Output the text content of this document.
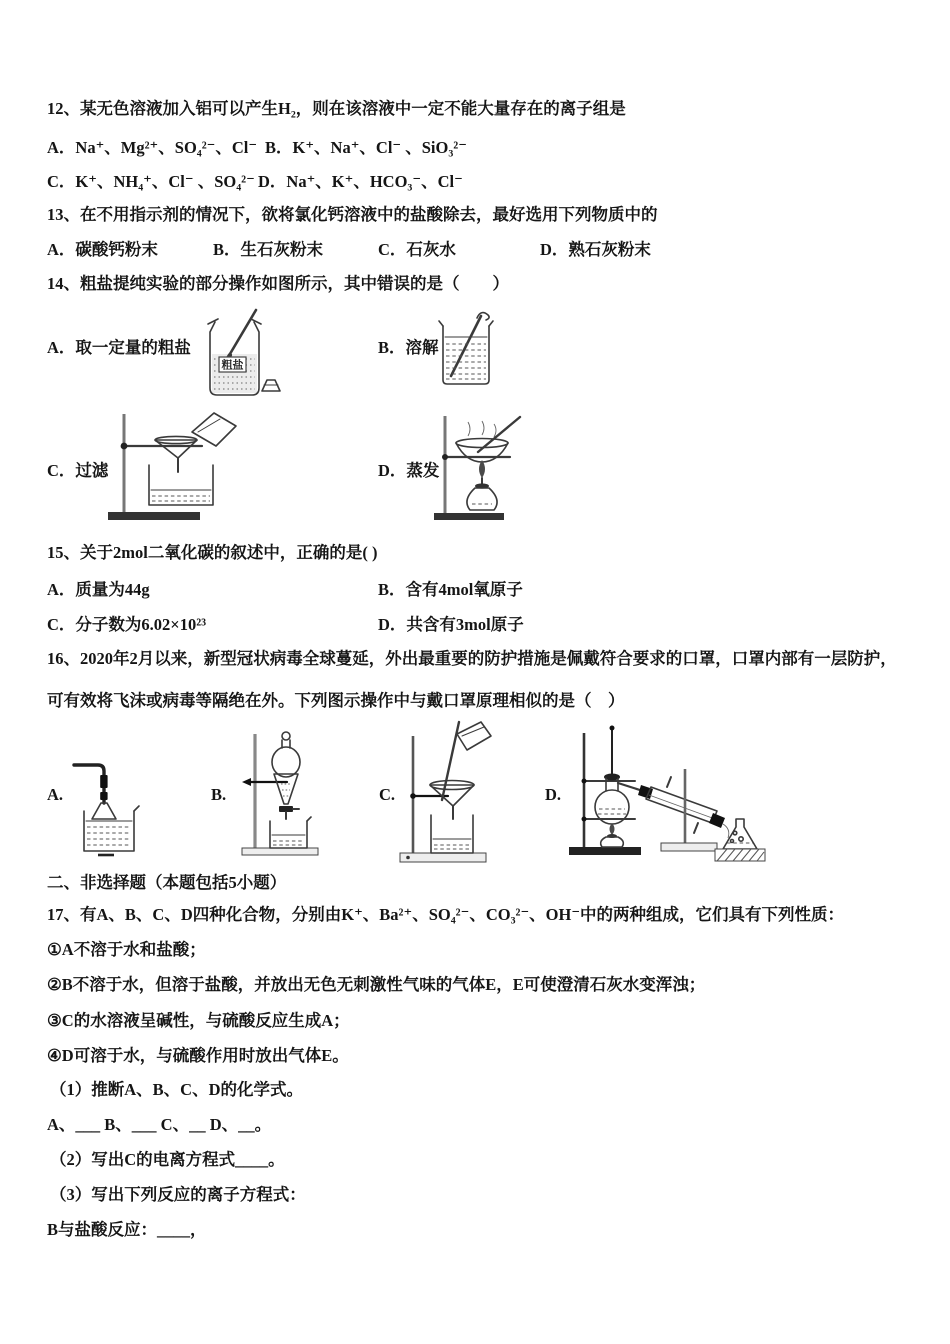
12、某无色溶液加入铝可以产生H₂，则在该溶液中一定不能大量存在的离子组是
A．Na⁺、Mg²⁺、SO₄²⁻、Cl⁻ B．K⁺、Na⁺、Cl⁻ 、SiO₃²⁻
C．K⁺、NH₄⁺、Cl⁻ 、SO₄²⁻ D．Na⁺、K⁺、HCO₃⁻、Cl⁻
13、在不用指示剂的情况下，欲将氯化钙溶液中的盐酸除去，最好选用下列物质中的
A．碳酸钙粉末	B．生石灰粉末	C．石灰水	D．熟石灰粉末
14、粗盐提纯实验的部分操作如图所示，其中错误的是（　　）
A．取一定量的粗盐	B．溶解
C．过滤	D．蒸发
粗盐
15、关于2mol二氧化碳的叙述中，正确的是( )
A．质量为44g	B．含有4mol氧原子
C．分子数为6.02×10²³	D．共含有3mol原子
16、2020年2月以来，新型冠状病毒全球蔓延，外出最重要的防护措施是佩戴符合要求的口罩，口罩内部有一层防护，
可有效将飞沫或病毒等隔绝在外。下列图示操作中与戴口罩原理相似的是（　）
A.	B.	C.	D.
二、非选择题（本题包括5小题）
17、有A、B、C、D四种化合物，分别由K⁺、Ba²⁺、SO₄²⁻、CO₃²⁻、OH⁻中的两种组成，它们具有下列性质：
①A不溶于水和盐酸；
②B不溶于水，但溶于盐酸，并放出无色无刺激性气味的气体E，E可使澄清石灰水变浑浊；
③C的水溶液呈碱性，与硫酸反应生成A；
④D可溶于水，与硫酸作用时放出气体E。
（1）推断A、B、C、D的化学式。
A、___ B、___ C、__ D、__。
（2）写出C的电离方程式____。
（3）写出下列反应的离子方程式：
B与盐酸反应：____，
